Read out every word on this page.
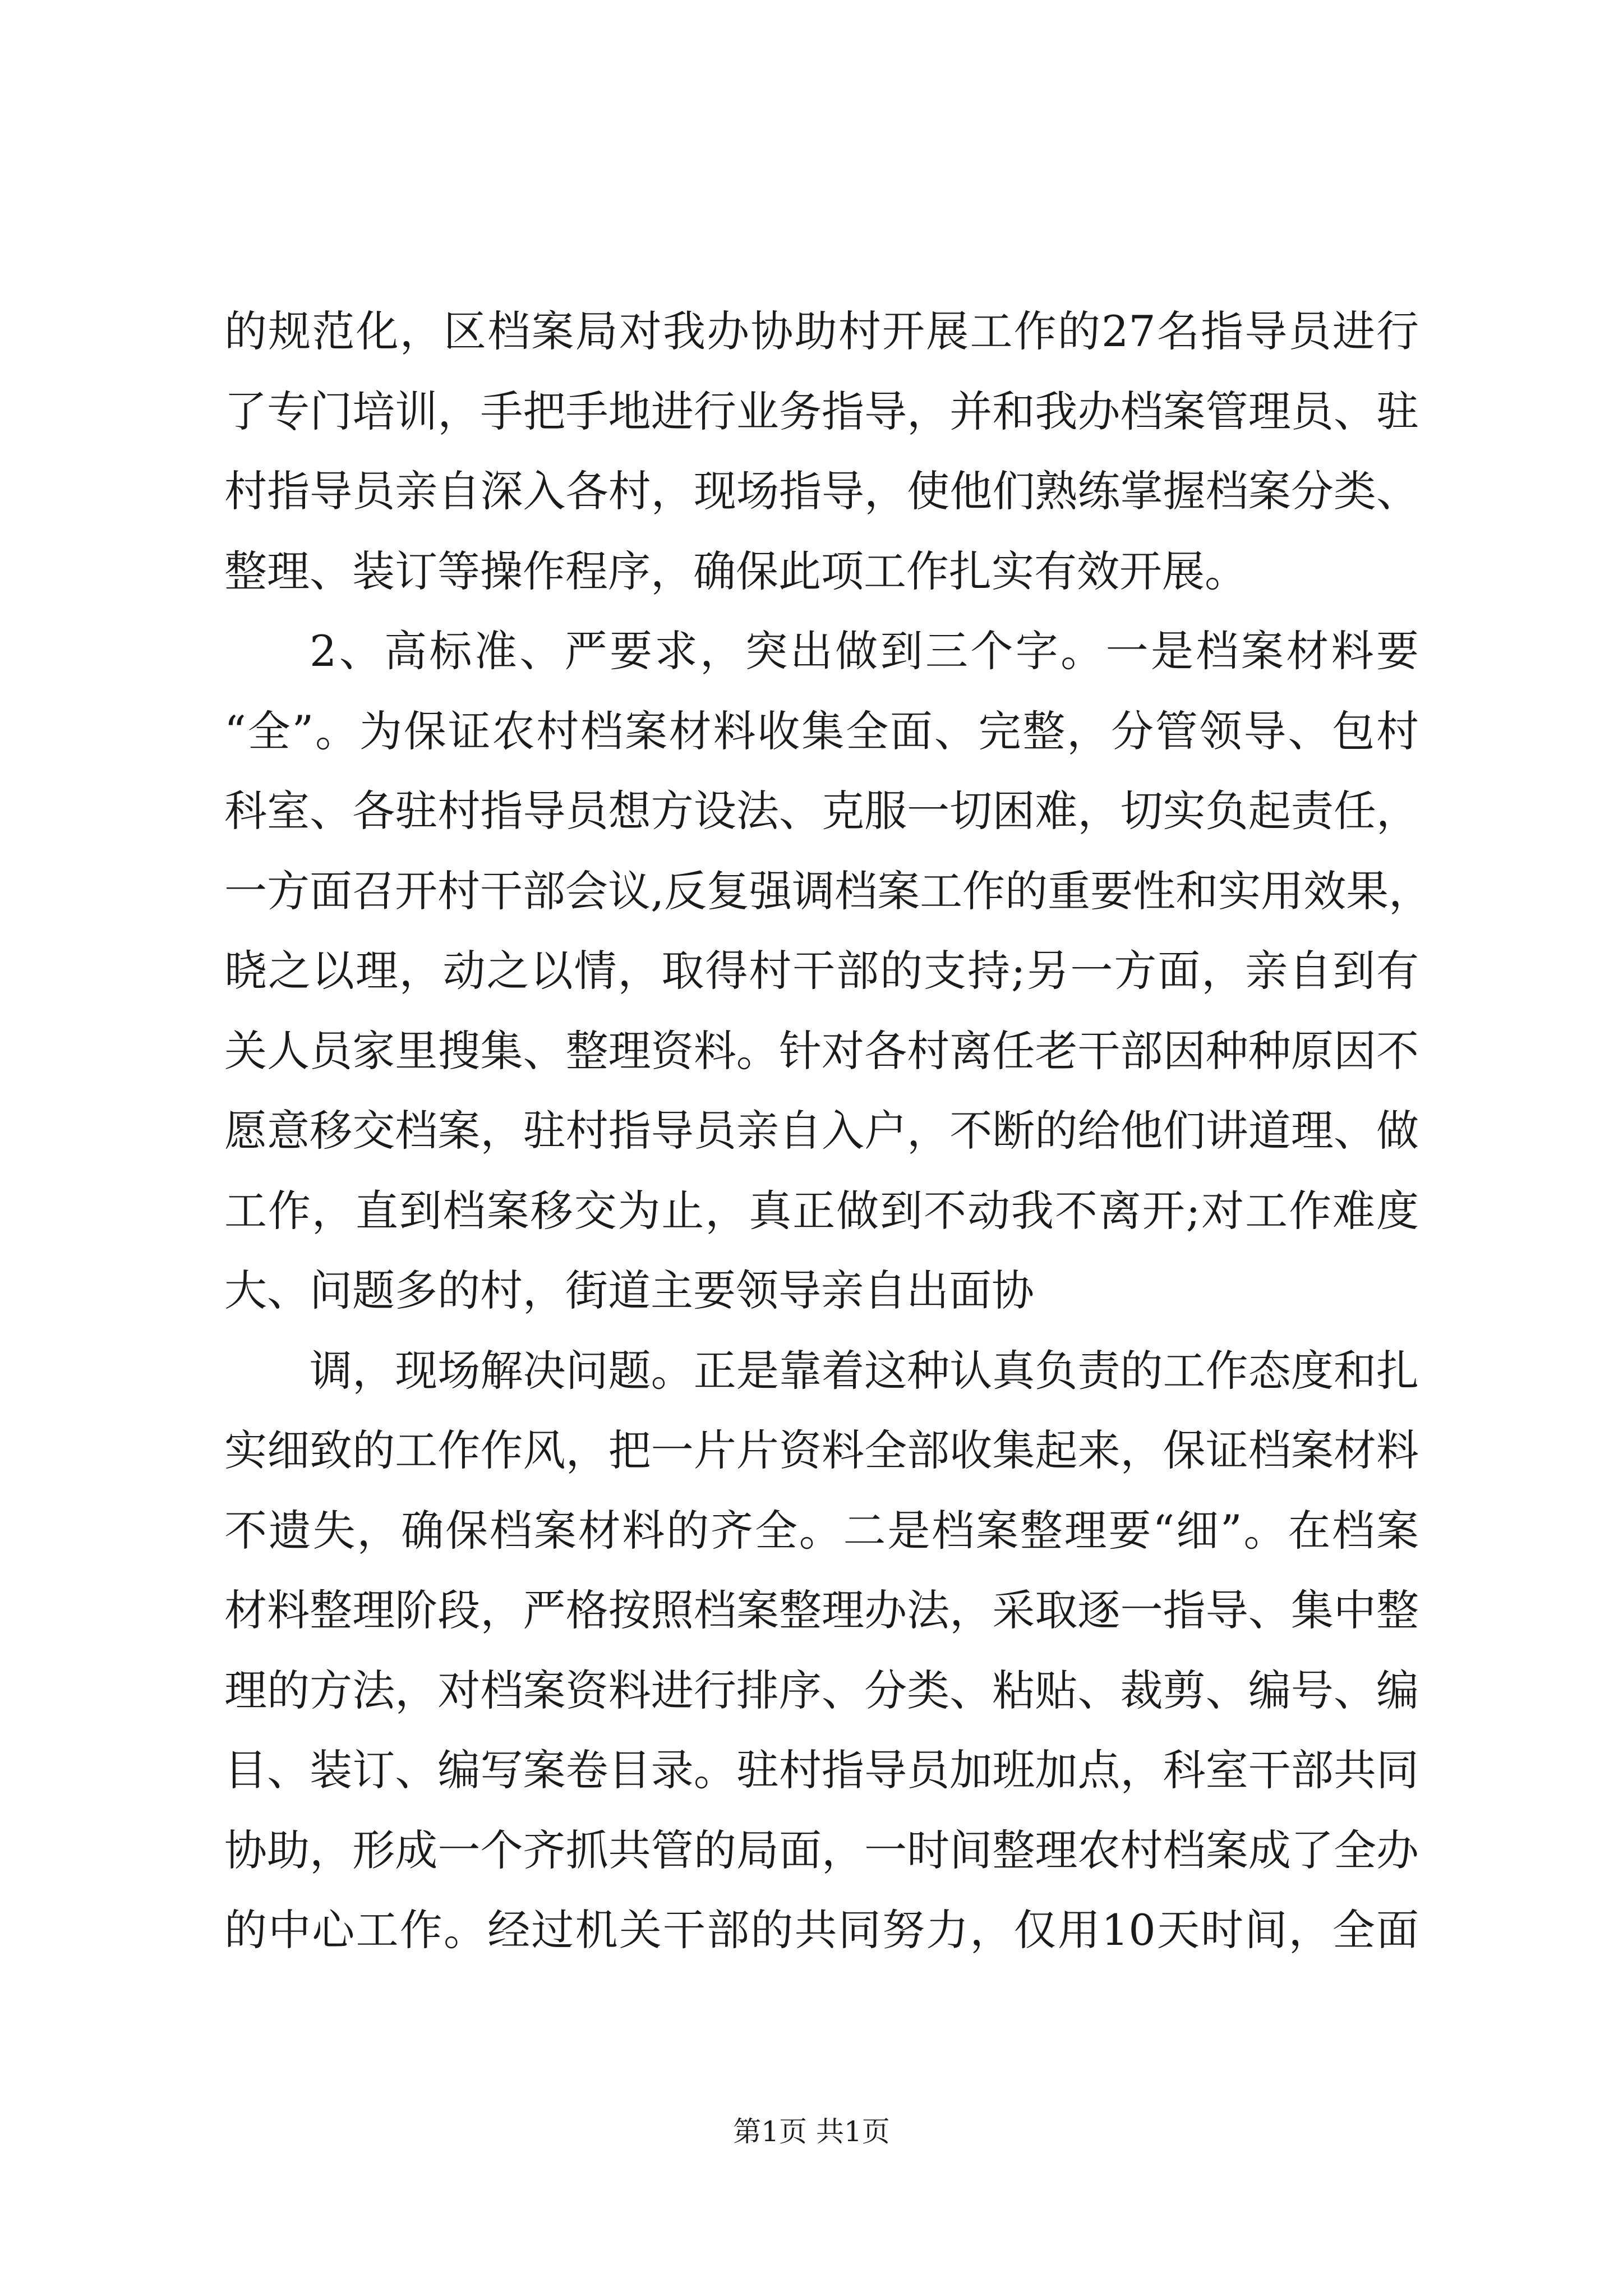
的规范化，区档案局对我办协助村开展工作的27名指导员进行
了专门培训，手把手地进行业务指导，并和我办档案管理员、驻
村指导员亲自深入各村，现场指导，使他们熟练掌握档案分类、
整理、装订等操作程序，确保此项工作扎实有效开展。
2、高标准、严要求，突出做到三个字。一是档案材料要
“全”。为保证农村档案材料收集全面、完整，分管领导、包村
科室、各驻村指导员想方设法、克服一切困难，切实负起责任，
一方面召开村干部会议,反复强调档案工作的重要性和实用效果，
晓之以理，动之以情，取得村干部的支持;另一方面，亲自到有
关人员家里搜集、整理资料。针对各村离任老干部因种种原因不
愿意移交档案，驻村指导员亲自入户，不断的给他们讲道理、做
工作，直到档案移交为止，真正做到不动我不离开;对工作难度
大、问题多的村，街道主要领导亲自出面协
调，现场解决问题。正是靠着这种认真负责的工作态度和扎
实细致的工作作风，把一片片资料全部收集起来，保证档案材料
不遗失，确保档案材料的齐全。二是档案整理要“细”。在档案
材料整理阶段，严格按照档案整理办法，采取逐一指导、集中整
理的方法，对档案资料进行排序、分类、粘贴、裁剪、编号、编
目、装订、编写案卷目录。驻村指导员加班加点，科室干部共同
协助，形成一个齐抓共管的局面，一时间整理农村档案成了全办
的中心工作。经过机关干部的共同努力，仅用10天时间，全面
第1页 共1页
